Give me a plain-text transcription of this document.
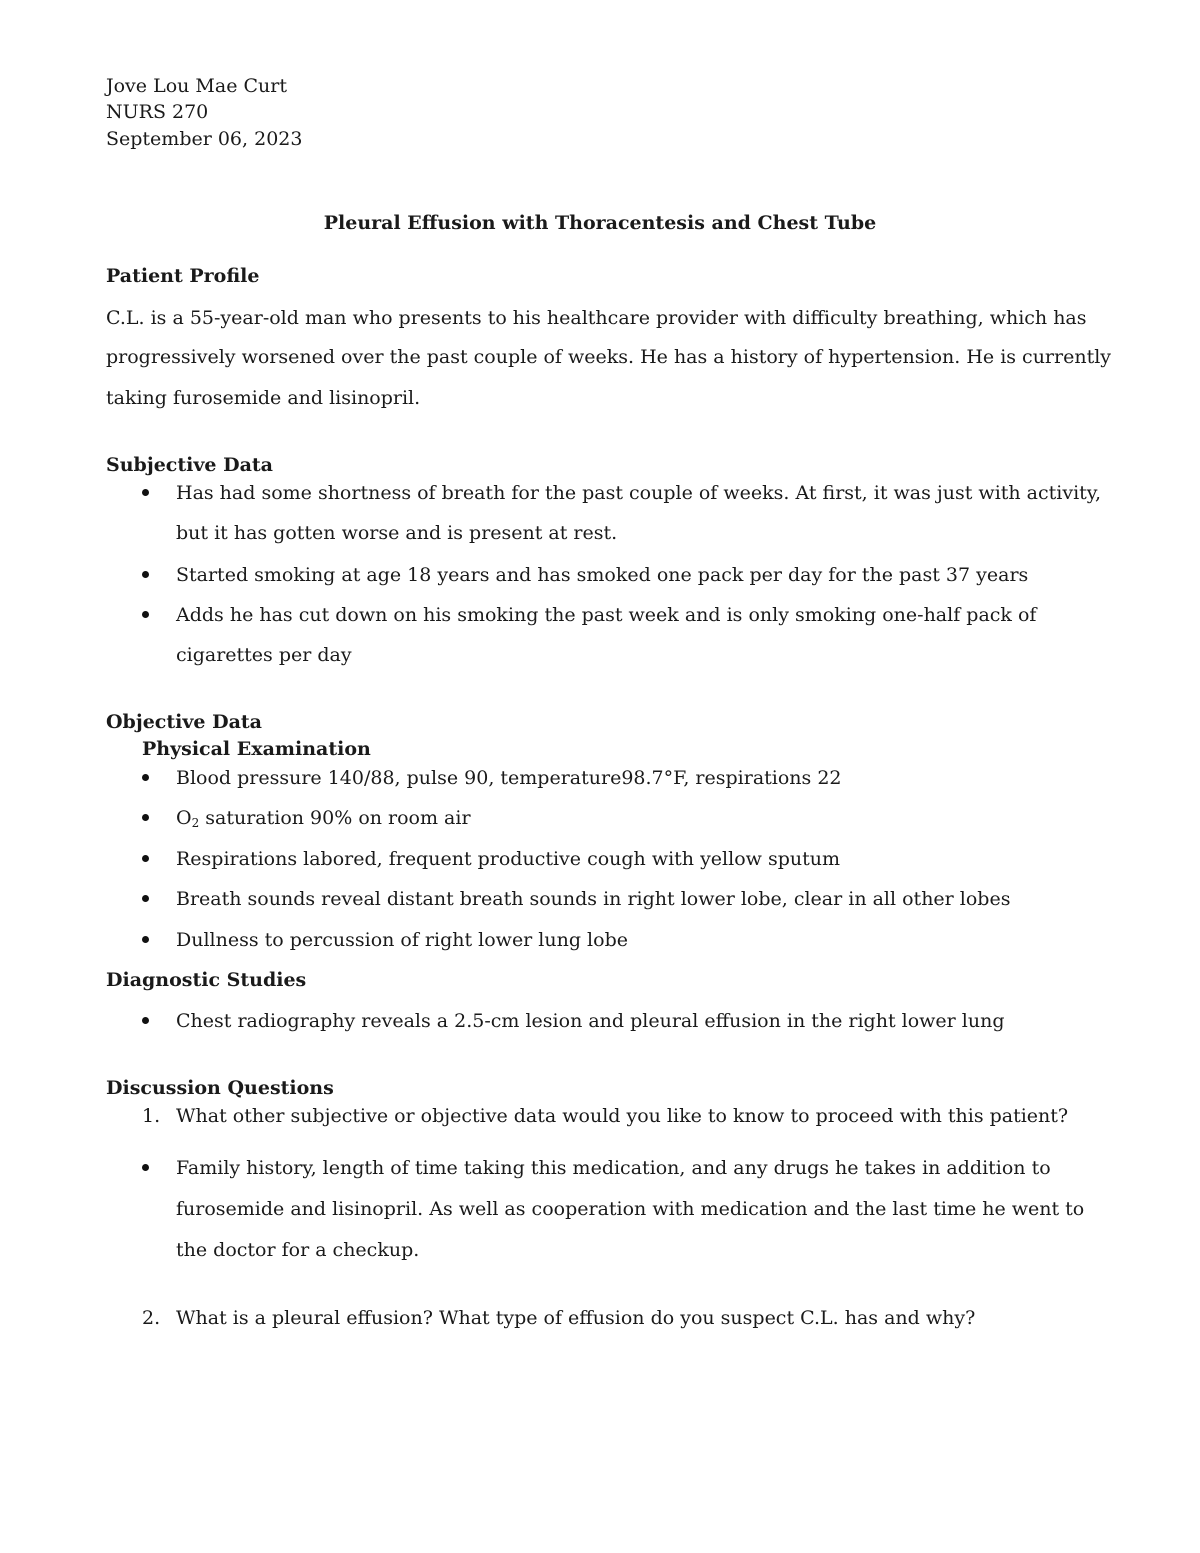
Jove Lou Mae Curt
NURS 270
September 06, 2023
Pleural Effusion with Thoracentesis and Chest Tube
Patient Profile
C.L. is a 55-year-old man who presents to his healthcare provider with difficulty breathing, which has
progressively worsened over the past couple of weeks. He has a history of hypertension. He is currently
taking furosemide and lisinopril.
Subjective Data
Has had some shortness of breath for the past couple of weeks. At first, it was just with activity,
but it has gotten worse and is present at rest.
Started smoking at age 18 years and has smoked one pack per day for the past 37 years
Adds he has cut down on his smoking the past week and is only smoking one-half pack of
cigarettes per day
Objective Data
Physical Examination
Blood pressure 140/88, pulse 90, temperature98.7°F, respirations 22
$O_2$ saturation 90% on room air
Respirations labored, frequent productive cough with yellow sputum
Breath sounds reveal distant breath sounds in right lower lobe, clear in all other lobes
Dullness to percussion of right lower lung lobe
Diagnostic Studies
Chest radiography reveals a 2.5-cm lesion and pleural effusion in the right lower lung
Discussion Questions
1. What other subjective or objective data would you like to know to proceed with this patient?
Family history, length of time taking this medication, and any drugs he takes in addition to
furosemide and lisinopril. As well as cooperation with medication and the last time he went to
the doctor for a checkup.
2. What is a pleural effusion? What type of effusion do you suspect C.L. has and why?
